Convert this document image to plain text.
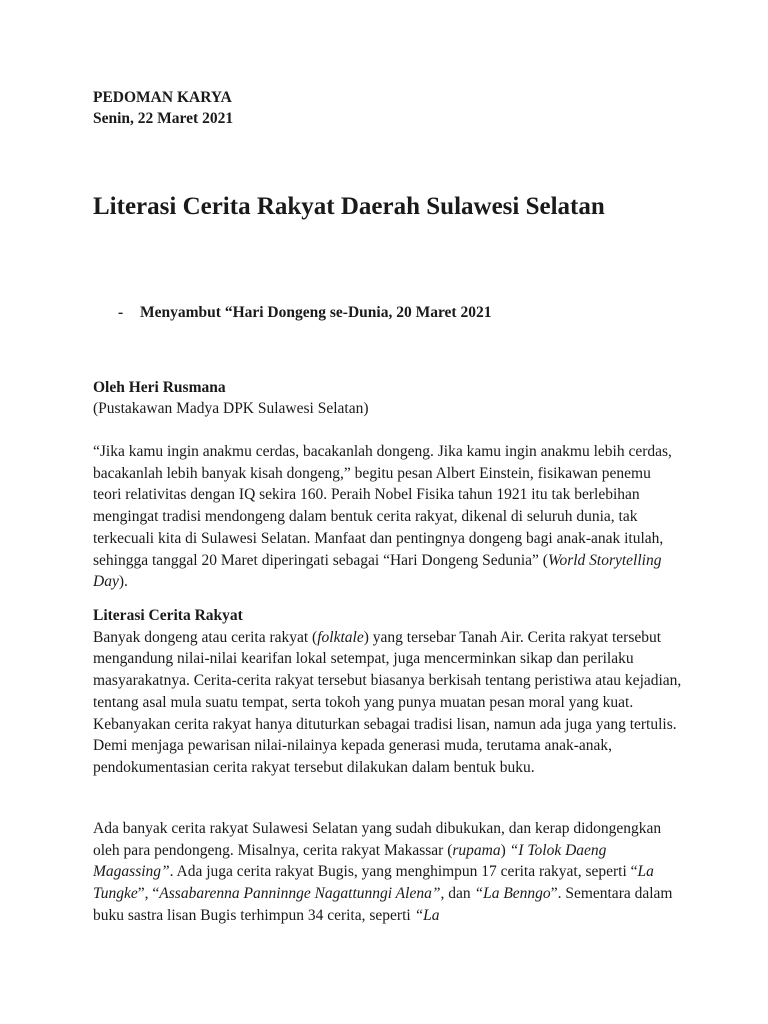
PEDOMAN KARYA

Senin, 22 Maret 2021

Literasi Cerita Rakyat Daerah Sulawesi Selatan

- Menyambut “Hari Dongeng se-Dunia, 20 Maret 2021

Oleh Heri Rusmana

(Pustakawan Madya DPK Sulawesi Selatan)

“Jika kamu ingin anakmu cerdas, bacakanlah dongeng. Jika kamu ingin anakmu lebih cerdas, bacakanlah lebih banyak kisah dongeng,” begitu pesan Albert Einstein, fisikawan penemu teori relativitas dengan IQ sekira 160. Peraih Nobel Fisika tahun 1921 itu tak berlebihan mengingat tradisi mendongeng dalam bentuk cerita rakyat, dikenal di seluruh dunia, tak terkecuali kita di Sulawesi Selatan. Manfaat dan pentingnya dongeng bagi anak-anak itulah, sehingga tanggal 20 Maret diperingati sebagai “Hari Dongeng Sedunia” (World Storytelling Day).

Literasi Cerita Rakyat

Banyak dongeng atau cerita rakyat (folktale) yang tersebar Tanah Air. Cerita rakyat tersebut mengandung nilai-nilai kearifan lokal setempat, juga mencerminkan sikap dan perilaku masyarakatnya. Cerita-cerita rakyat tersebut biasanya berkisah tentang peristiwa atau kejadian, tentang asal mula suatu tempat, serta tokoh yang punya muatan pesan moral yang kuat. Kebanyakan cerita rakyat hanya dituturkan sebagai tradisi lisan, namun ada juga yang tertulis. Demi menjaga pewarisan nilai-nilainya kepada generasi muda, terutama anak-anak, pendokumentasian cerita rakyat tersebut dilakukan dalam bentuk buku.

Ada banyak cerita rakyat Sulawesi Selatan yang sudah dibukukan, dan kerap didongengkan oleh para pendongeng. Misalnya, cerita rakyat Makassar (rupama) “I Tolok Daeng Magassing”. Ada juga cerita rakyat Bugis, yang menghimpun 17 cerita rakyat, seperti “La Tungke”, “Assabarenna Panninnge Nagattunngi Alena”, dan “La Benngo”. Sementara dalam buku sastra lisan Bugis terhimpun 34 cerita, seperti “La
